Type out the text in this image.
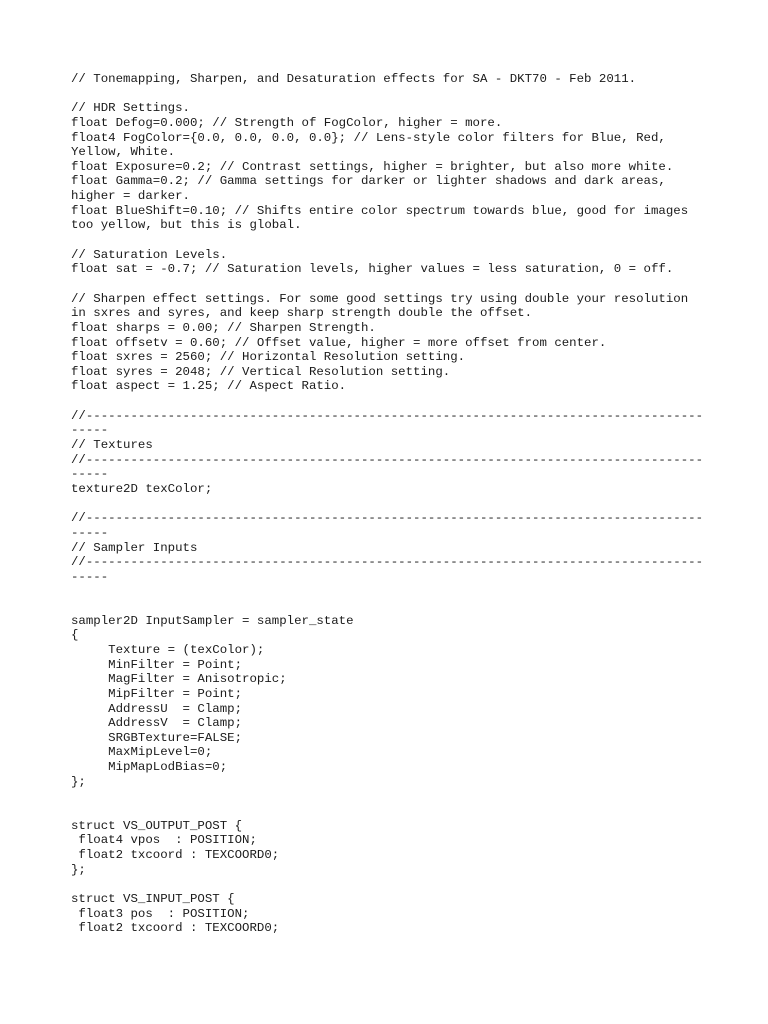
// Tonemapping, Sharpen, and Desaturation effects for SA - DKT70 - Feb 2011.
// HDR Settings.
float Defog=0.000; // Strength of FogColor, higher = more.
float4 FogColor={0.0, 0.0, 0.0, 0.0}; // Lens-style color filters for Blue, Red,
Yellow, White.
float Exposure=0.2; // Contrast settings, higher = brighter, but also more white.
float Gamma=0.2; // Gamma settings for darker or lighter shadows and dark areas,
higher = darker.
float BlueShift=0.10; // Shifts entire color spectrum towards blue, good for images
too yellow, but this is global.
// Saturation Levels.
float sat = -0.7; // Saturation levels, higher values = less saturation, 0 = off.
// Sharpen effect settings. For some good settings try using double your resolution
in sxres and syres, and keep sharp strength double the offset.
float sharps = 0.00; // Sharpen Strength.
float offsetv = 0.60; // Offset value, higher = more offset from center.
float sxres = 2560; // Horizontal Resolution setting.
float syres = 2048; // Vertical Resolution setting.
float aspect = 1.25; // Aspect Ratio.
//-----------------------------------------------------------------------------------
-----
// Textures
//-----------------------------------------------------------------------------------
-----
texture2D texColor;
//-----------------------------------------------------------------------------------
-----
// Sampler Inputs
//-----------------------------------------------------------------------------------
-----
sampler2D InputSampler = sampler_state
{
Texture = (texColor);
MinFilter = Point;
MagFilter = Anisotropic;
MipFilter = Point;
AddressU  = Clamp;
AddressV  = Clamp;
SRGBTexture=FALSE;
MaxMipLevel=0;
MipMapLodBias=0;
};
struct VS_OUTPUT_POST {
float4 vpos  : POSITION;
float2 txcoord : TEXCOORD0;
};
struct VS_INPUT_POST {
float3 pos  : POSITION;
float2 txcoord : TEXCOORD0;
